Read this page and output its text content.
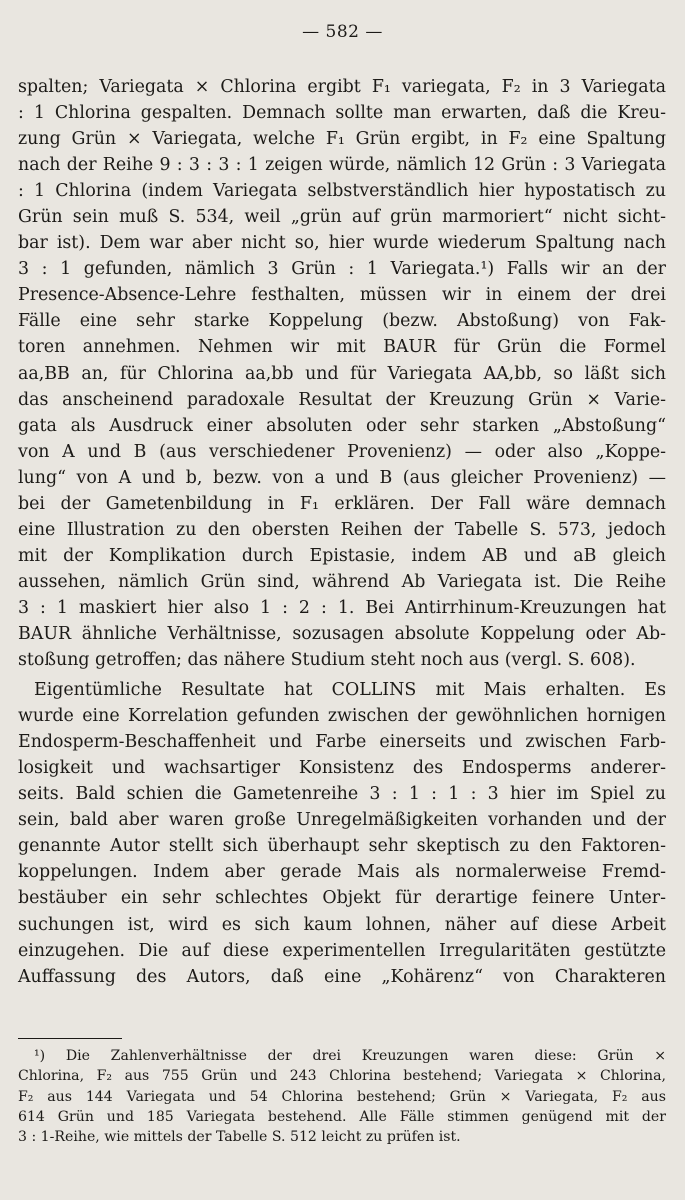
— 582 —
spalten; Variegata × Chlorina ergibt F₁ variegata, F₂ in 3 Variegata
: 1 Chlorina gespalten. Demnach sollte man erwarten, daß die Kreu-
zung Grün × Variegata, welche F₁ Grün ergibt, in F₂ eine Spaltung
nach der Reihe 9 : 3 : 3 : 1 zeigen würde, nämlich 12 Grün : 3 Variegata
: 1 Chlorina (indem Variegata selbstverständlich hier hypostatisch zu
Grün sein muß S. 534, weil „grün auf grün marmoriert“ nicht sicht-
bar ist). Dem war aber nicht so, hier wurde wiederum Spaltung nach
3 : 1 gefunden, nämlich 3 Grün : 1 Variegata.¹) Falls wir an der
Presence-Absence-Lehre festhalten, müssen wir in einem der drei
Fälle eine sehr starke Koppelung (bezw. Abstoßung) von Fak-
toren annehmen. Nehmen wir mit BAUR für Grün die Formel
aa,BB an, für Chlorina aa,bb und für Variegata AA,bb, so läßt sich
das anscheinend paradoxale Resultat der Kreuzung Grün × Varie-
gata als Ausdruck einer absoluten oder sehr starken „Abstoßung“
von A und B (aus verschiedener Provenienz) — oder also „Koppe-
lung“ von A und b, bezw. von a und B (aus gleicher Provenienz) —
bei der Gametenbildung in F₁ erklären. Der Fall wäre demnach
eine Illustration zu den obersten Reihen der Tabelle S. 573, jedoch
mit der Komplikation durch Epistasie, indem AB und aB gleich
aussehen, nämlich Grün sind, während Ab Variegata ist. Die Reihe
3 : 1 maskiert hier also 1 : 2 : 1. Bei Antirrhinum-Kreuzungen hat
BAUR ähnliche Verhältnisse, sozusagen absolute Koppelung oder Ab-
stoßung getroffen; das nähere Studium steht noch aus (vergl. S. 608).
Eigentümliche Resultate hat COLLINS mit Mais erhalten. Es
wurde eine Korrelation gefunden zwischen der gewöhnlichen hornigen
Endosperm-Beschaffenheit und Farbe einerseits und zwischen Farb-
losigkeit und wachsartiger Konsistenz des Endosperms anderer-
seits. Bald schien die Gametenreihe 3 : 1 : 1 : 3 hier im Spiel zu
sein, bald aber waren große Unregelmäßigkeiten vorhanden und der
genannte Autor stellt sich überhaupt sehr skeptisch zu den Faktoren-
koppelungen. Indem aber gerade Mais als normalerweise Fremd-
bestäuber ein sehr schlechtes Objekt für derartige feinere Unter-
suchungen ist, wird es sich kaum lohnen, näher auf diese Arbeit
einzugehen. Die auf diese experimentellen Irregularitäten gestützte
Auffassung des Autors, daß eine „Kohärenz“ von Charakteren
¹) Die Zahlenverhältnisse der drei Kreuzungen waren diese: Grün ×
Chlorina, F₂ aus 755 Grün und 243 Chlorina bestehend; Variegata × Chlorina,
F₂ aus 144 Variegata und 54 Chlorina bestehend; Grün × Variegata, F₂ aus
614 Grün und 185 Variegata bestehend. Alle Fälle stimmen genügend mit der
3 : 1-Reihe, wie mittels der Tabelle S. 512 leicht zu prüfen ist.
